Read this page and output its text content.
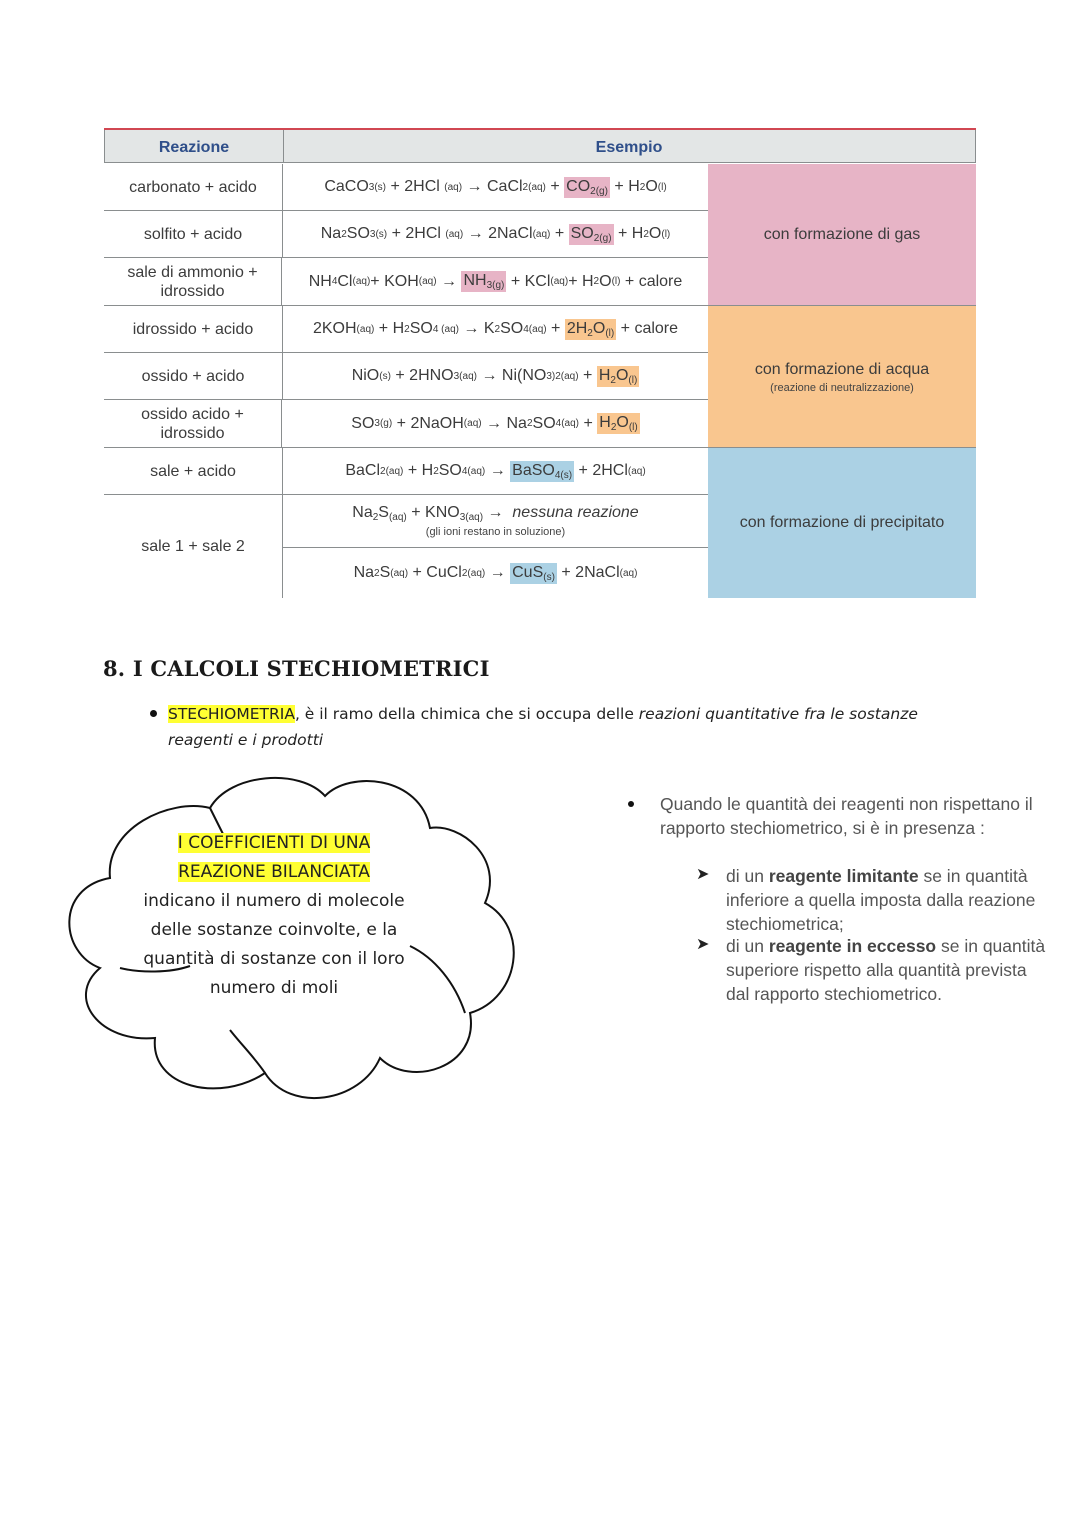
Reazione	Esempio
con formazione di gas
con formazione di acqua
(reazione di neutralizzazione)
con formazione di precipitato
carbonato + acido
solfito + acido
sale di ammonio + idrossido
idrossido + acido
ossido + acido
ossido acido + idrossido
sale + acido
sale 1 + sale 2
CaCO 3(s)
+
2HCl
(aq)
→
CaCl 2(aq)
+
$CO_{2(g)}$
+
H 2 O (l)
Na 2 SO 3(s)
+
2HCl
(aq)
→
2NaCl (aq)
+
$SO_{2(g)}$
+
H 2 O (l)
NH 4 Cl (aq) +
KOH (aq)
→
$NH_{3(g)}$
+
KCl (aq) +
H 2 O (l)
+
calore
2KOH (aq)
+
H 2 SO 4 (aq)
→
K 2 SO 4(aq)
+
$2H_2O_{(l)}$
+
calore
NiO (s)
+
2HNO 3(aq)
→
Ni(NO 3 )2(aq)
+
$H_2O_{(l)}$
SO 3(g)
+
2NaOH (aq)
→
Na 2 SO 4(aq)
+
$H_2O_{(l)}$
BaCl 2(aq)
+
H 2 SO 4(aq)
→
BaSO$_{4(s)}$
+
2HCl (aq)
$Na_2S_{(aq)} + KNO_{3(aq)}$ → nessuna reazione
(gli ioni restano in soluzione)
Na 2 S (aq)
+
CuCl 2(aq)
→
CuS$_{(s)}$
+
2NaCl (aq)
8. I CALCOLI STECHIOMETRICI
STECHIOMETRIA, è il ramo della chimica che si occupa delle reazioni quantitative fra le sostanze reagenti e i prodotti
I COEFFICIENTI DI UNA REAZIONE BILANCIATA
indicano il numero di molecole delle sostanze coinvolte, e la quantità di sostanze con il loro numero di moli
Quando le quantità dei reagenti non rispettano il rapporto stechiometrico, si è in presenza :
➤ di un reagente limitante se in quantità inferiore a quella imposta dalla reazione stechiometrica;
➤ di un reagente in eccesso se in quantità superiore rispetto alla quantità prevista dal rapporto stechiometrico.
